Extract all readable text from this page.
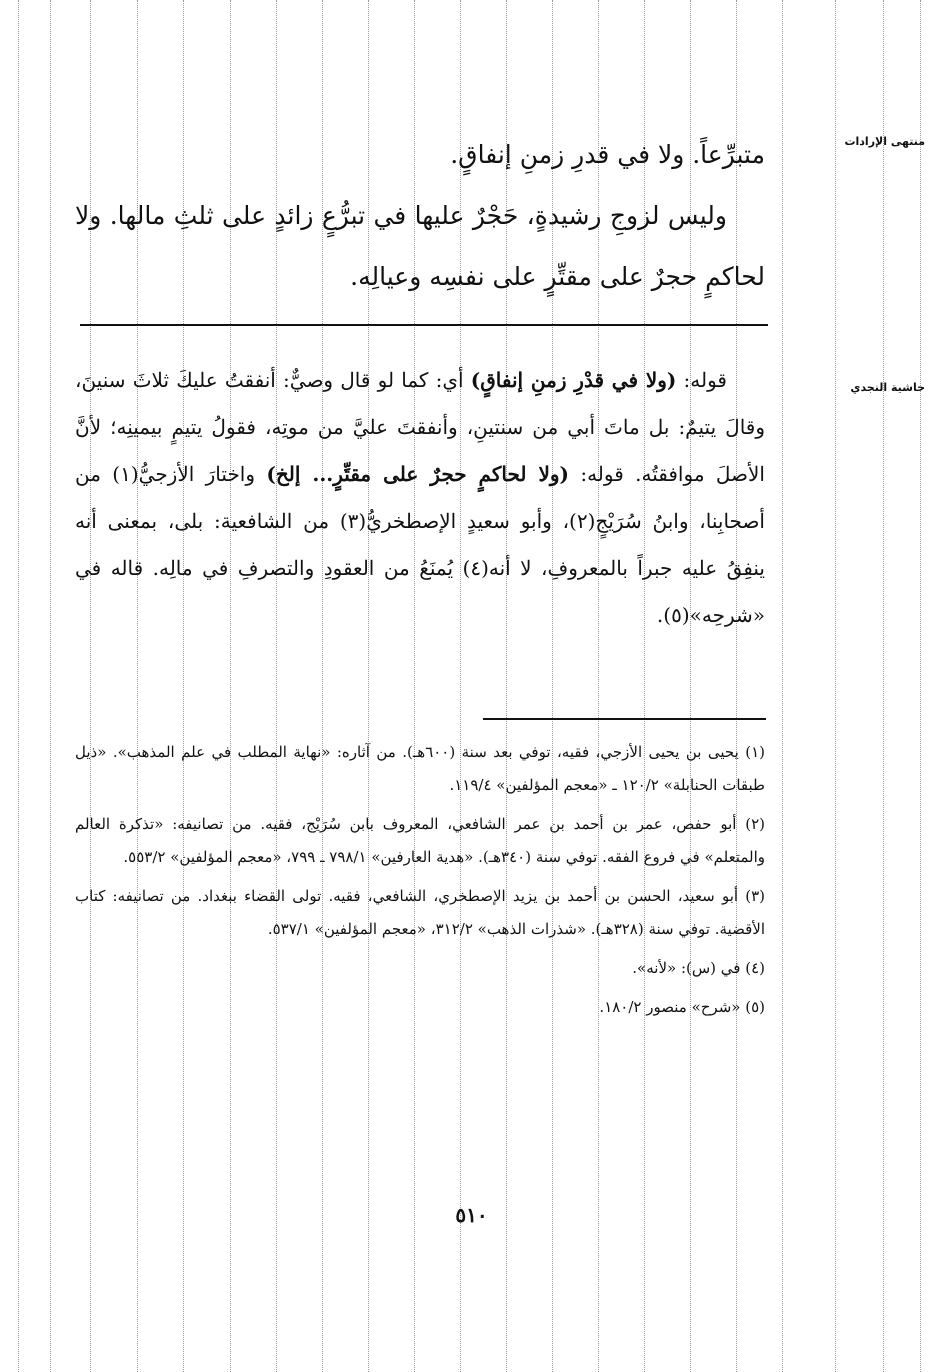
منتهى الإرادات
حاشية النجدي

متبرِّعاً. ولا في قدرِ زمنِ إنفاقٍ.

وليس لزوجِ رشيدةٍ، حَجْرٌ عليها في تبرُّعٍ زائدٍ على ثلثِ مالها. ولا لحاكمٍ حجرٌ على مقتِّرٍ على نفسِه وعيالِه.

قوله: (ولا في قدْرِ زمنِ إنفاقٍ) أي: كما لو قال وصيٌّ: أنفقتُ عليكَ ثلاثَ سنينَ، وقالَ يتيمٌ: بل ماتَ أبي من سنتينِ، وأنفقتَ عليَّ من موتِه، فقولُ يتيمٍ بيمينِه؛ لأنَّ الأصلَ موافقتُه. قوله: (ولا لحاكمٍ حجرٌ على مقتِّرٍ... إلخ) واختارَ الأزجيُّ(١) من أصحابِنا، وابنُ سُرَيْجٍ(٢)، وأبو سعيدٍ الإصطخريُّ(٣) من الشافعية: بلى، بمعنى أنه ينفِقُ عليه جبراً بالمعروفِ، لا أنه(٤) يُمنَعُ من العقودِ والتصرفِ في مالِه. قاله في «شرحِه»(٥).

(١) يحيى بن يحيى الأزجي، فقيه، توفي بعد سنة (٦٠٠هـ). من آثاره: «نهاية المطلب في علم المذهب». «ذيل طبقات الحنابلة» ١٢٠/٢ ـ «معجم المؤلفين» ١١٩/٤.

(٢) أبو حفص، عمر بن أحمد بن عمر الشافعي، المعروف بابن سُرَيْج، فقيه. من تصانيفه: «تذكرة العالم والمتعلم» في فروع الفقه. توفي سنة (٣٤٠هـ). «هدية العارفين» ٧٩٨/١ ـ ٧٩٩، «معجم المؤلفين» ٥٥٣/٢.

(٣) أبو سعيد، الحسن بن أحمد بن يزيد الإصطخري، الشافعي، فقيه. تولى القضاء ببغداد. من تصانيفه: كتاب الأقضية. توفي سنة (٣٢٨هـ). «شذرات الذهب» ٣١٢/٢، «معجم المؤلفين» ٥٣٧/١.

(٤) في (س): «لأنه».

(٥) «شرح» منصور ١٨٠/٢.

٥١٠
